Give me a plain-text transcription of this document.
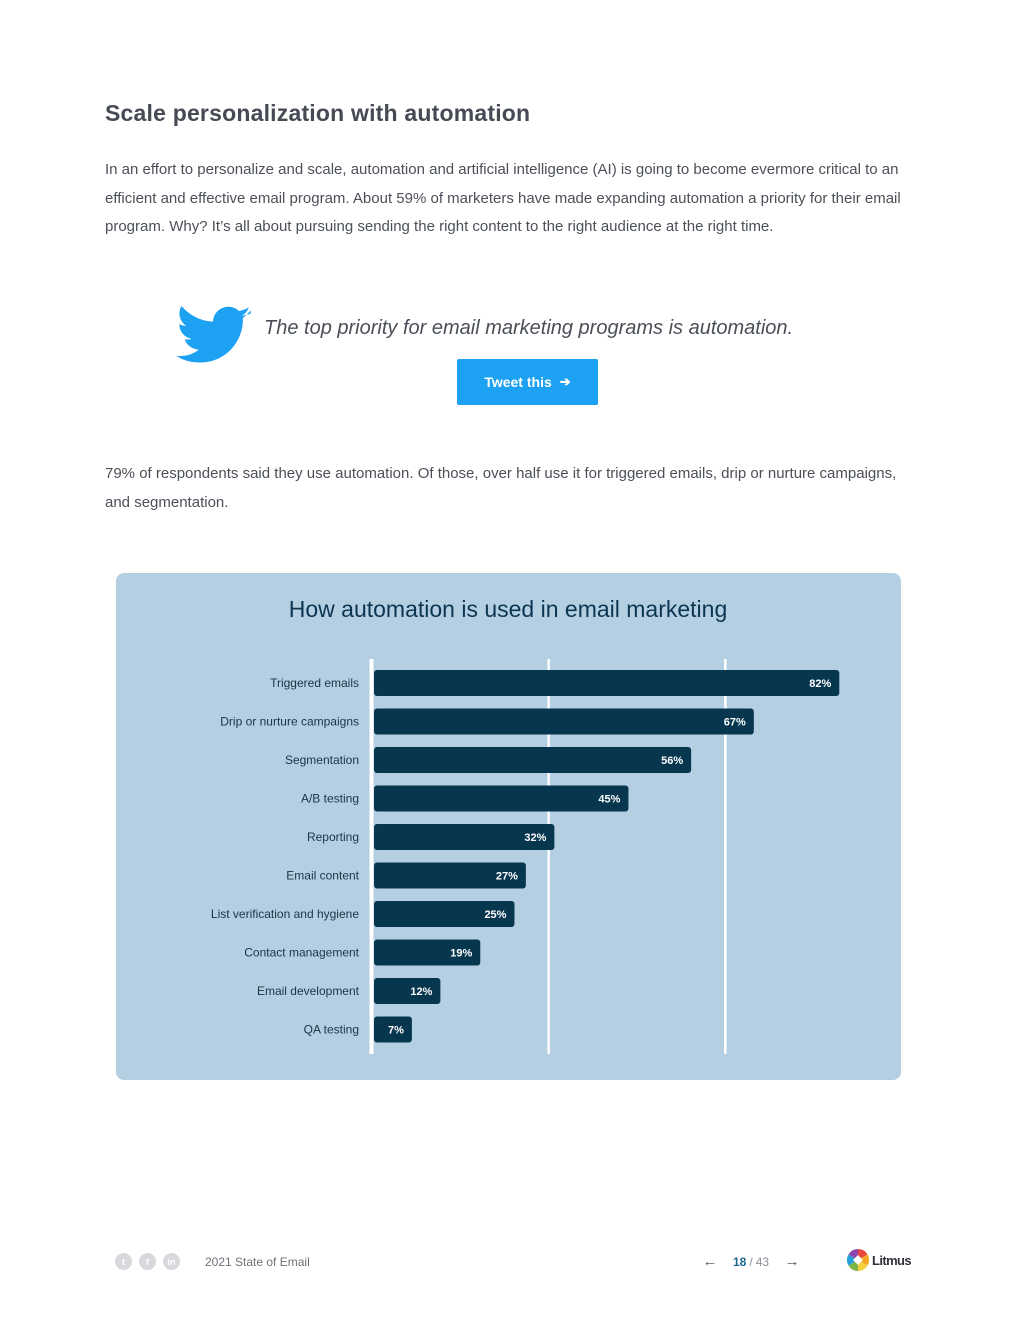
Scale personalization with automation

In an effort to personalize and scale, automation and artificial intelligence (AI) is going to become evermore critical to an efficient and effective email program. About 59% of marketers have made expanding automation a priority for their email program. Why? It’s all about pursuing sending the right content to the right audience at the right time.

The top priority for email marketing programs is automation.

Tweet this ➔

79% of respondents said they use automation. Of those, over half use it for triggered emails, drip or nurture campaigns, and segmentation.

How automation is used in email marketing
82%
Triggered emails
67%
Drip or nurture campaigns
56%
Segmentation
45%
A/B testing
32%
Reporting
27%
Email content
25%
List verification and hygiene
19%
Contact management
12%
Email development
7%
QA testing
t	f	in	2021 State of Email	← 18 / 43 →	Litmus
